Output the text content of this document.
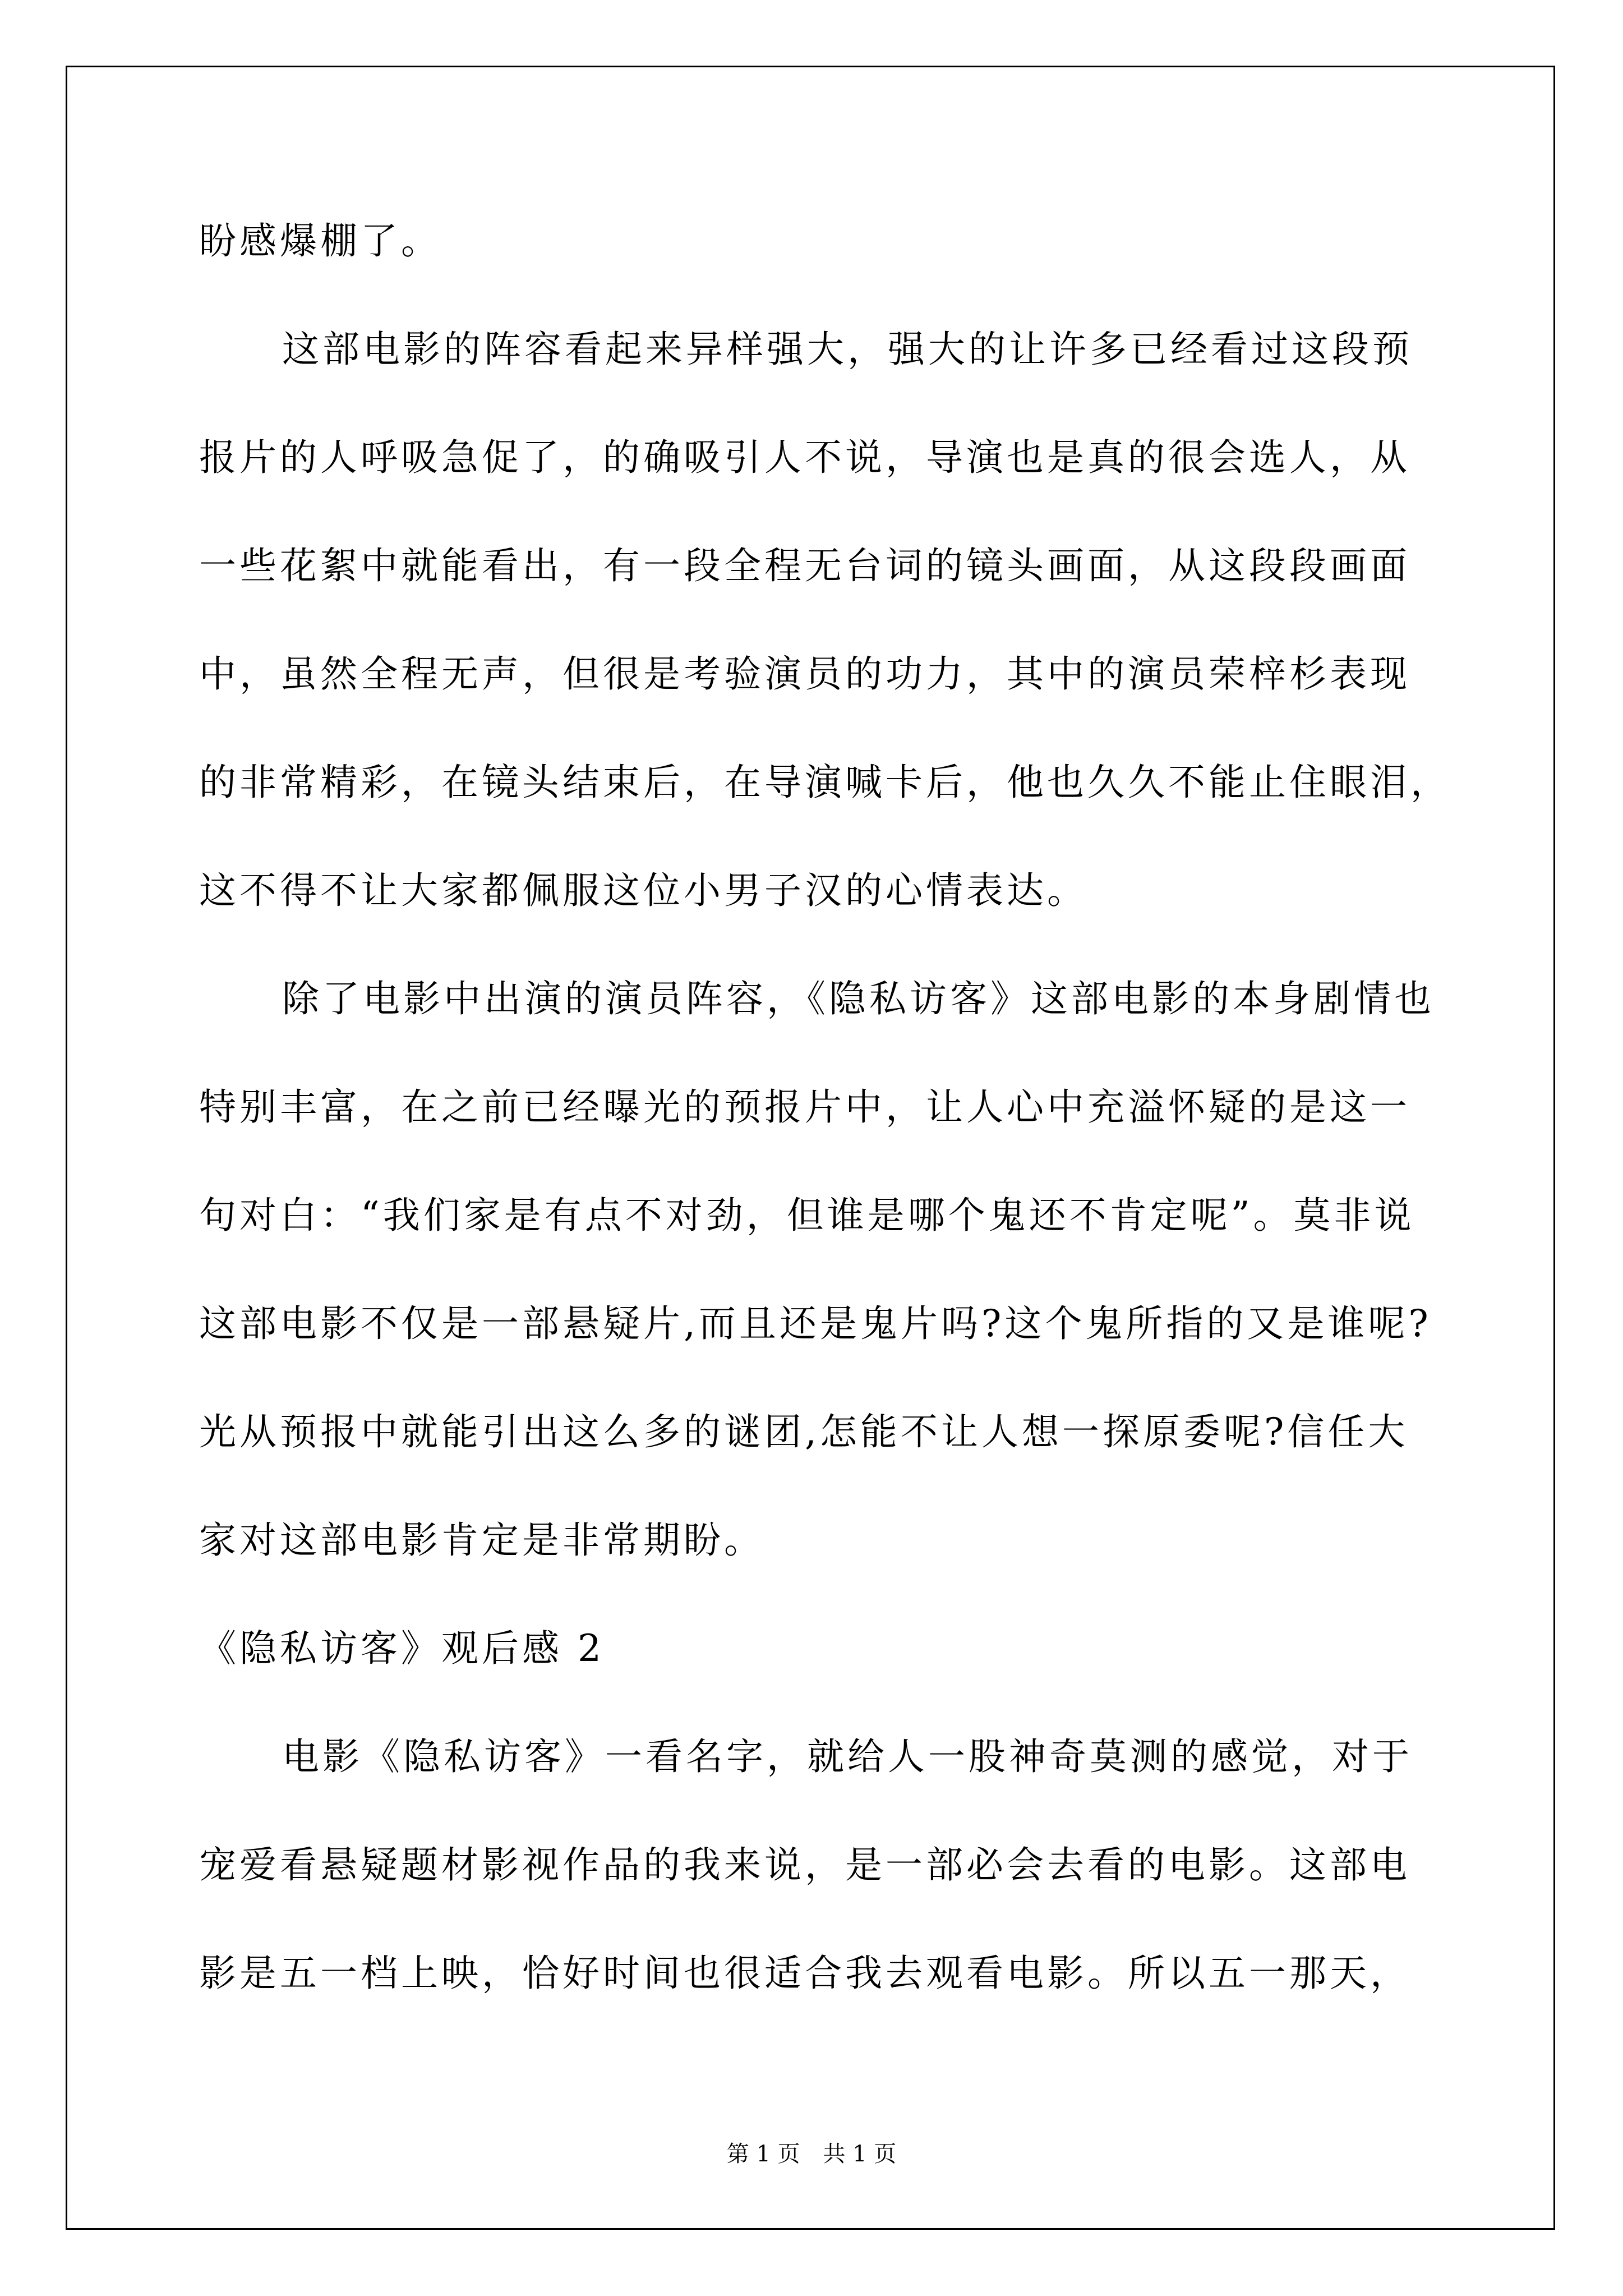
盼感爆棚了。
这部电影的阵容看起来异样强大，强大的让许多已经看过这段预
报片的人呼吸急促了，的确吸引人不说，导演也是真的很会选人，从
一些花絮中就能看出，有一段全程无台词的镜头画面，从这段段画面
中，虽然全程无声，但很是考验演员的功力，其中的演员荣梓杉表现
的非常精彩，在镜头结束后，在导演喊卡后，他也久久不能止住眼泪，
这不得不让大家都佩服这位小男子汉的心情表达。
除了电影中出演的演员阵容，《隐私访客》这部电影的本身剧情也
特别丰富，在之前已经曝光的预报片中，让人心中充溢怀疑的是这一
句对白：“我们家是有点不对劲，但谁是哪个鬼还不肯定呢”。莫非说
这部电影不仅是一部悬疑片,而且还是鬼片吗?这个鬼所指的又是谁呢?
光从预报中就能引出这么多的谜团,怎能不让人想一探原委呢?信任大
家对这部电影肯定是非常期盼。
《隐私访客》观后感 2
电影《隐私访客》一看名字，就给人一股神奇莫测的感觉，对于
宠爱看悬疑题材影视作品的我来说，是一部必会去看的电影。这部电
影是五一档上映，恰好时间也很适合我去观看电影。所以五一那天，
第 1 页 共 1 页
